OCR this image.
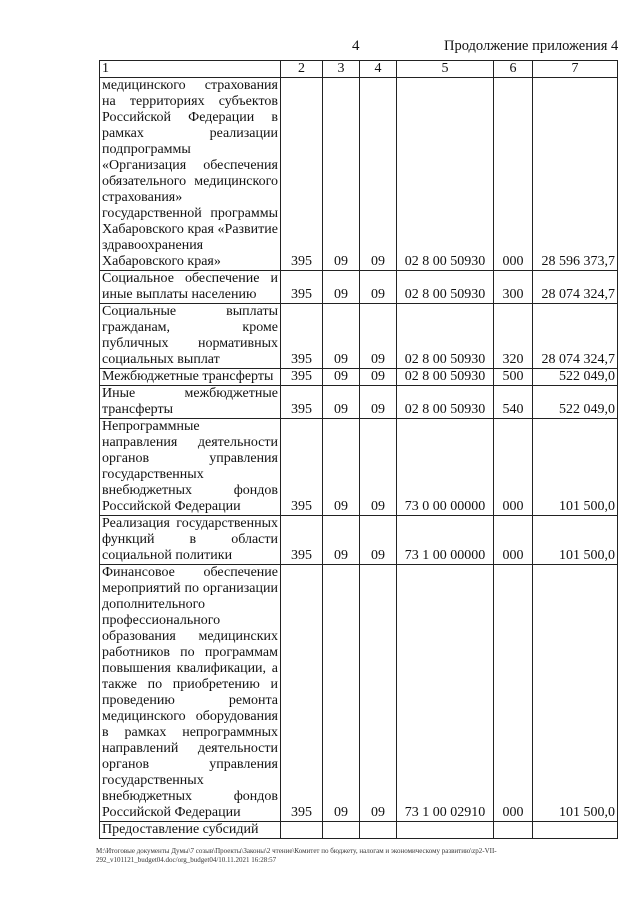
4	Продолжение приложения 4
1	2	3	4	5	6	7
медицинского страхования на территориях субъектов Российской Федерации в рамках реализации подпрограммы «Организация обеспечения обязательного медицинского страхования» государственной программы Хабаровского края «Развитие здравоохранения Хабаровского края»	395	09	09	02 8 00 50930	000	28 596 373,7
Социальное обеспечение и иные выплаты населению	395	09	09	02 8 00 50930	300	28 074 324,7
Социальные выплаты гражданам, кроме публичных нормативных социальных выплат	395	09	09	02 8 00 50930	320	28 074 324,7
Межбюджетные трансферты	395	09	09	02 8 00 50930	500	522 049,0
Иные межбюджетные трансферты	395	09	09	02 8 00 50930	540	522 049,0
Непрограммные направления деятельности органов управления государственных внебюджетных фондов Российской Федерации	395	09	09	73 0 00 00000	000	101 500,0
Реализация государственных функций в области социальной политики	395	09	09	73 1 00 00000	000	101 500,0
Финансовое обеспечение мероприятий по организации дополнительного профессионального образования медицинских работников по программам повышения квалификации, а также по приобретению и проведению ремонта медицинского оборудования в рамках непрограммных направлений деятельности органов управления государственных внебюджетных фондов Российской Федерации	395	09	09	73 1 00 02910	000	101 500,0
Предоставление субсидий						
M:\Итоговые документы Думы\7 созыв\Проекты\Законы\2 чтение\Комитет по бюджету, налогам и экономическому развитию\zp2-VII-292_v101121_budget04.doc/org_budget04/10.11.2021 16:28:57
